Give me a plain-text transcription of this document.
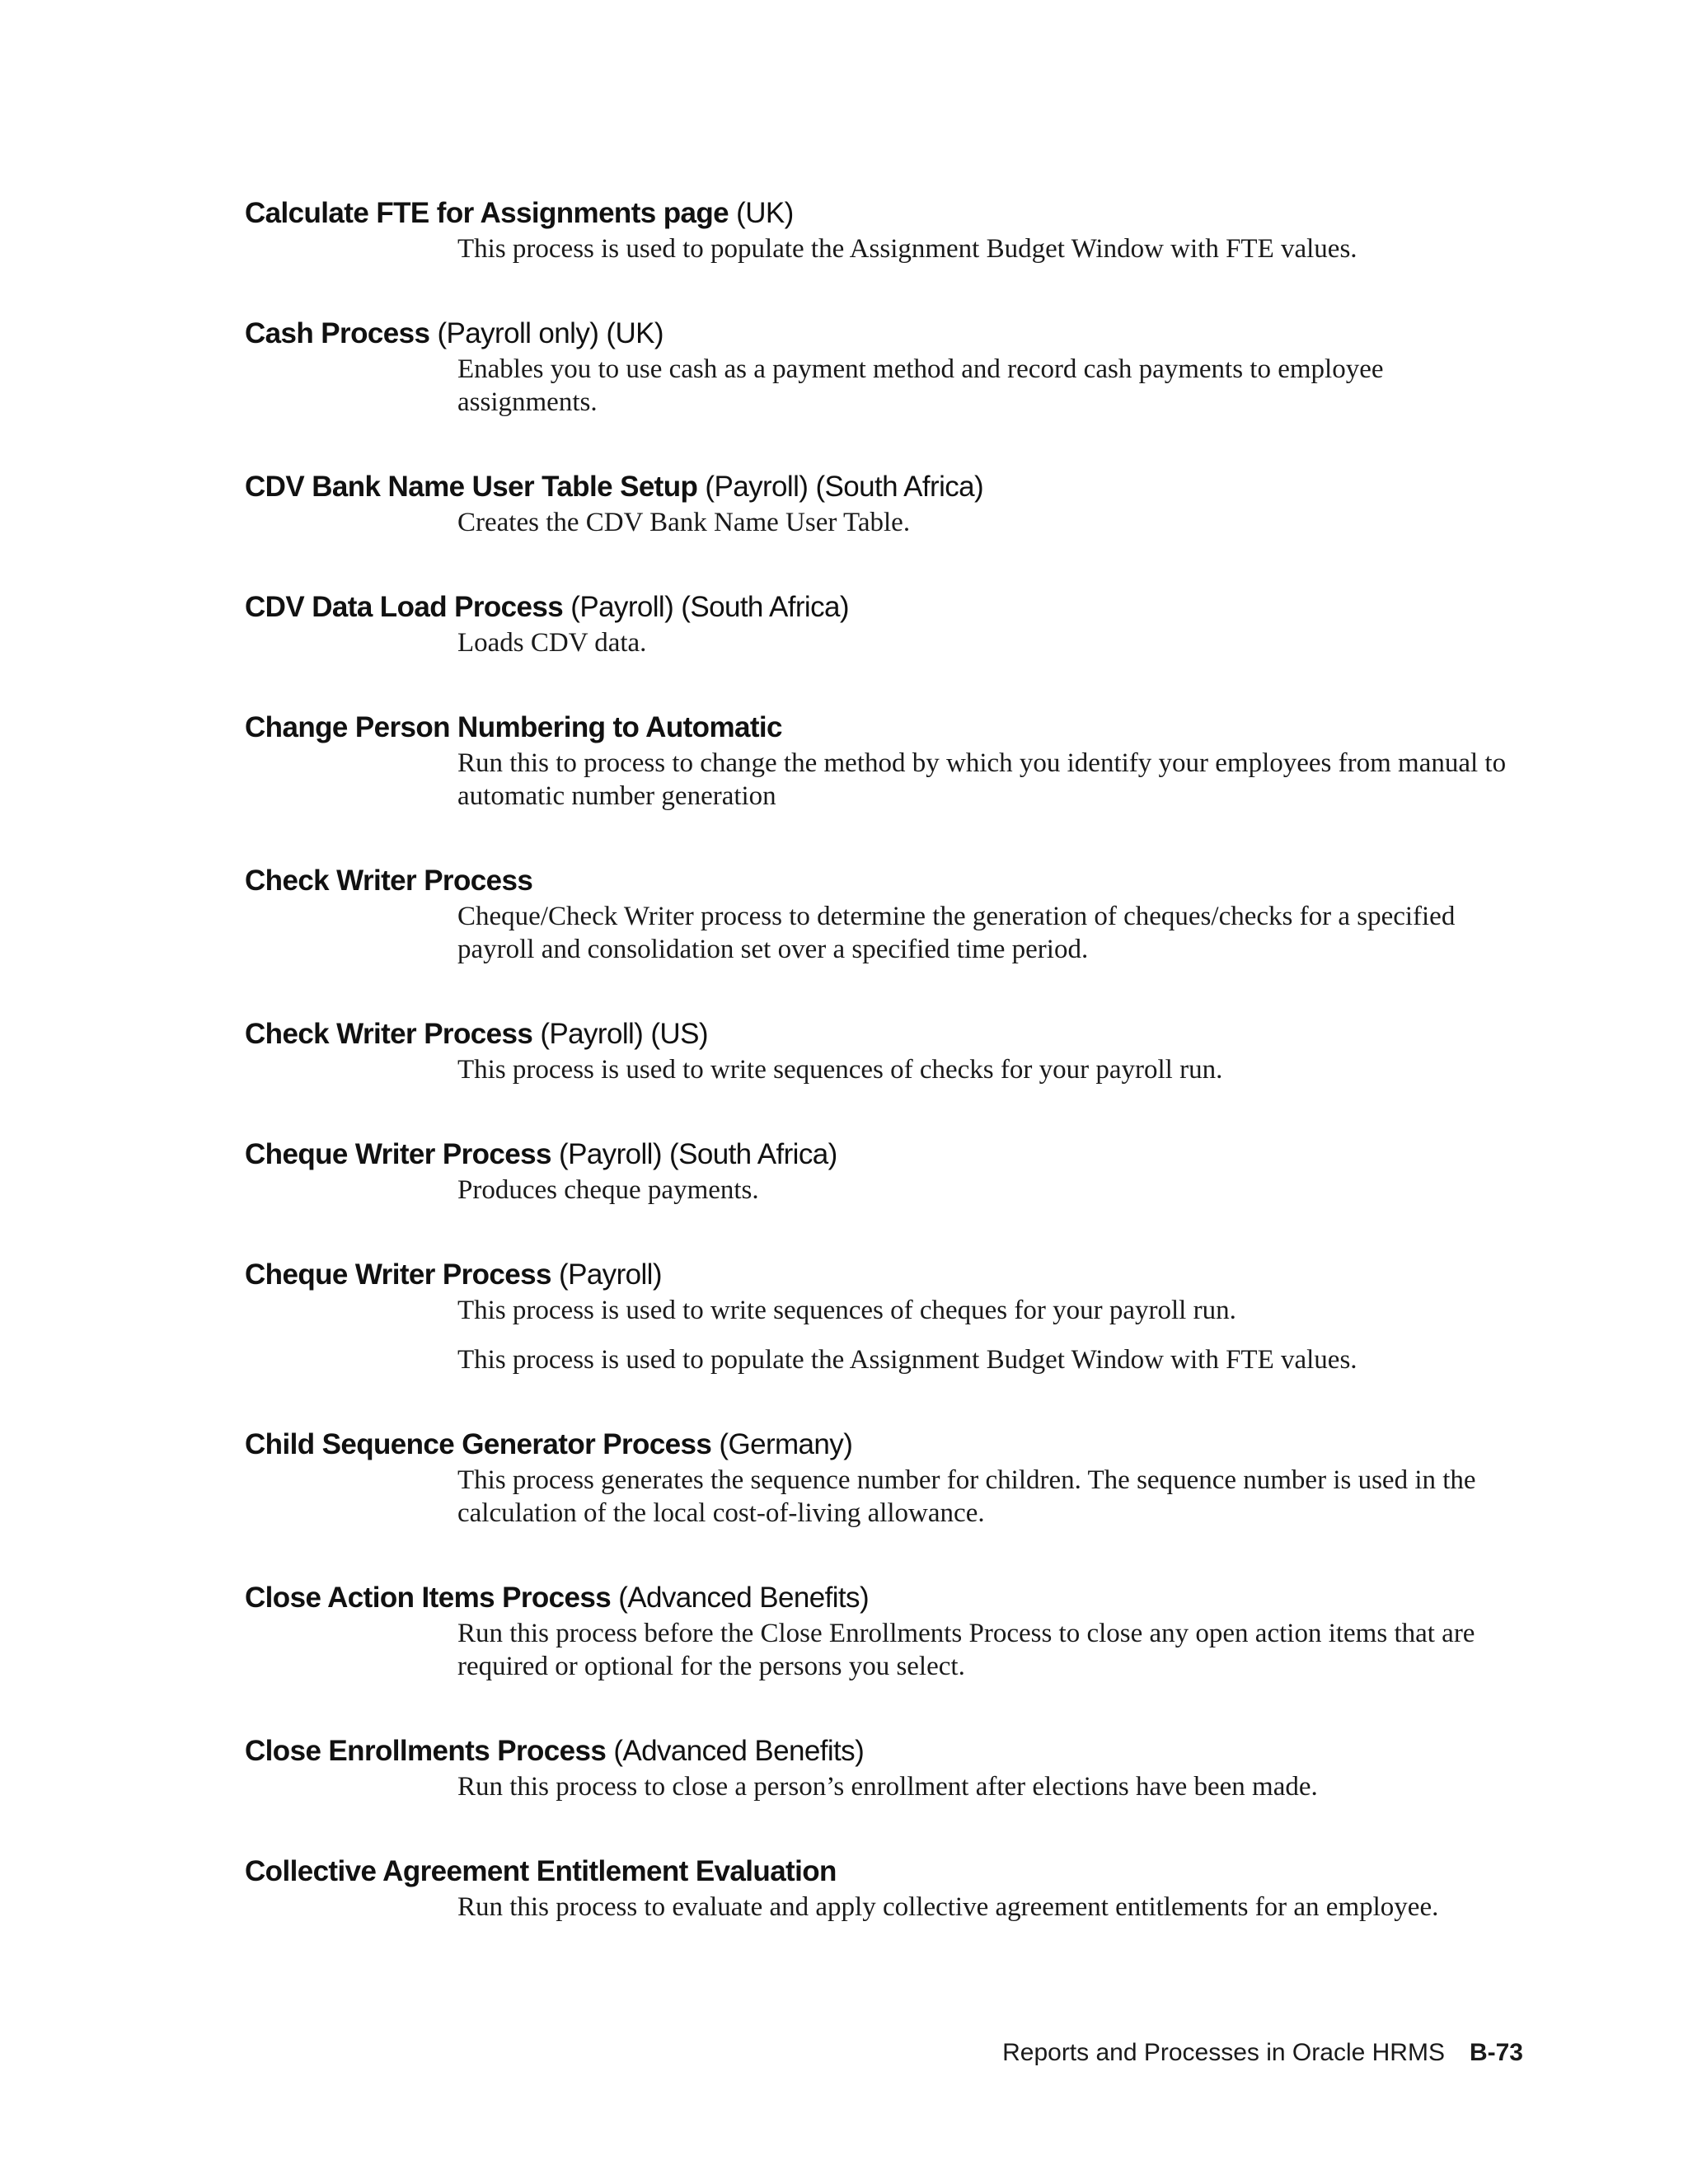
Calculate FTE for Assignments page (UK)

This process is used to populate the Assignment Budget Window with FTE values.

Cash Process (Payroll only) (UK)

Enables you to use cash as a payment method and record cash payments to employee assignments.

CDV Bank Name User Table Setup (Payroll) (South Africa)

Creates the CDV Bank Name User Table.

CDV Data Load Process (Payroll) (South Africa)

Loads CDV data.

Change Person Numbering to Automatic

Run this to process to change the method by which you identify your employees from manual to automatic number generation

Check Writer Process

Cheque/Check Writer process to determine the generation of cheques/checks for a specified payroll and consolidation set over a specified time period.

Check Writer Process (Payroll) (US)

This process is used to write sequences of checks for your payroll run.

Cheque Writer Process (Payroll) (South Africa)

Produces cheque payments.

Cheque Writer Process (Payroll)

This process is used to write sequences of cheques for your payroll run.

This process is used to populate the Assignment Budget Window with FTE values.

Child Sequence Generator Process (Germany)

This process generates the sequence number for children. The sequence number is used in the calculation of the local cost-of-living allowance.

Close Action Items Process (Advanced Benefits)

Run this process before the Close Enrollments Process to close any open action items that are required or optional for the persons you select.

Close Enrollments Process (Advanced Benefits)

Run this process to close a person’s enrollment after elections have been made.

Collective Agreement Entitlement Evaluation

Run this process to evaluate and apply collective agreement entitlements for an employee.

Reports and Processes in Oracle HRMS B-73
